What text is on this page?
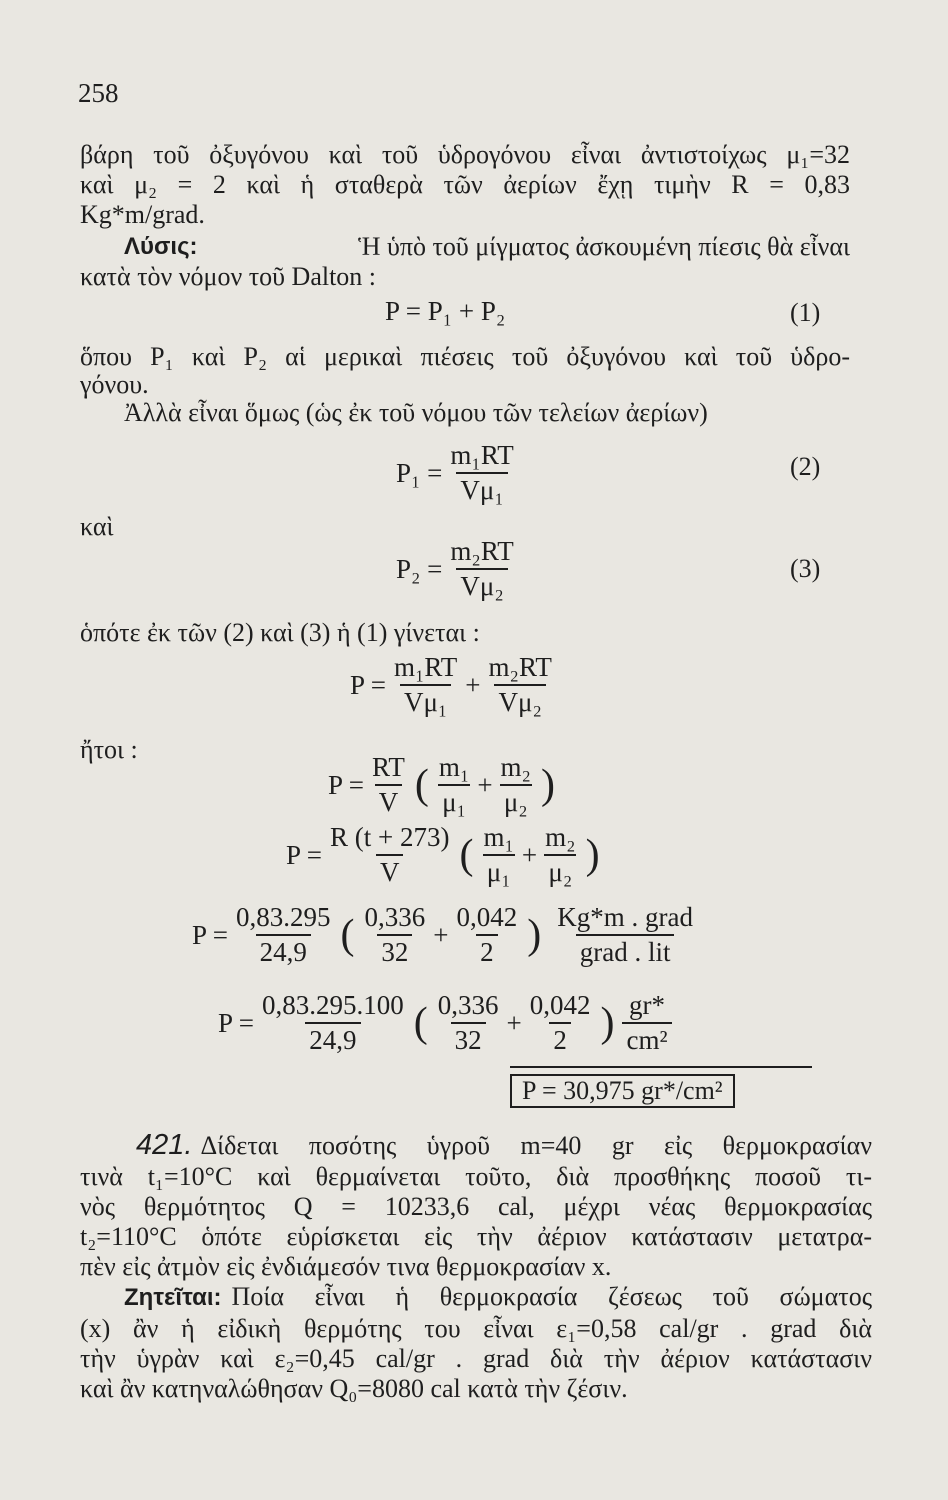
258
βάρη τοῦ ὀξυγόνου καὶ τοῦ ὑδρογόνου εἶναι ἀντιστοίχως μ₁=32
καὶ μ₂ = 2 καὶ ἡ σταθερὰ τῶν ἀερίων ἔχῃ τιμὴν R = 0,83
Kg*m/grad.
Λύσις:	Ἡ ὑπὸ τοῦ μίγματος ἀσκουμένη πίεσις θὰ εἶναι
κατὰ τὸν νόμον τοῦ Dalton :
P = P₁ + P₂	(1)
ὅπου P₁ καὶ P₂ αἱ μερικαὶ πιέσεις τοῦ ὀξυγόνου καὶ τοῦ ὑδρο-
γόνου.
Ἀλλὰ εἶναι ὅμως (ὡς ἐκ τοῦ νόμου τῶν τελείων ἀερίων)
$P_1 = \frac{\text{m₁RT}}{\text{Vμ₁}}$	(2)
καὶ
$P_2 = \frac{\text{m₂RT}}{\text{Vμ₂}}$	(3)
ὁπότε ἐκ τῶν (2) καὶ (3) ἡ (1) γίνεται :
$P = \frac{\text{m₁RT}}{\text{Vμ₁}} + \frac{\text{m₂RT}}{\text{Vμ₂}}$
ἤτοι :
$P = \frac{RT}{V}$ ( $\frac{\text{m₁}}{\text{μ₁}} + \frac{\text{m₂}}{\text{μ₂}}$ )
$P = \frac{R (t + 273)}{V}$ ( $\frac{\text{m₁}}{\text{μ₁}} + \frac{\text{m₂}}{\text{μ₂}}$ )
$P = \frac{0,83.295}{24,9}$ ( $\frac{0,336}{32} + \frac{0,042}{2}$ ) $\frac{\text{Kg*m . grad}}{\text{grad . lit}}$
$P = \frac{0,83.295.100}{24,9}$ ( $\frac{0,336}{32} + \frac{0,042}{2}$ ) $\frac{gr*}{\text{cm²}}$
P = 30,975 gr*/cm²
421. Δίδεται ποσότης ὑγροῦ m=40 gr εἰς θερμοκρασίαν
τινὰ t₁=10°C καὶ θερμαίνεται τοῦτο, διὰ προσθήκης ποσοῦ τι-
νὸς θερμότητος Q = 10233,6 cal, μέχρι νέας θερμοκρασίας
t₂=110°C ὁπότε εὑρίσκεται εἰς τὴν ἀέριον κατάστασιν μετατρα-
πὲν εἰς ἀτμὸν εἰς ἐνδιάμεσόν τινα θερμοκρασίαν x.
Ζητεῖται: Ποία εἶναι ἡ θερμοκρασία ζέσεως τοῦ σώματος
(x) ἂν ἡ εἰδικὴ θερμότης του εἶναι ε₁=0,58 cal/gr . grad διὰ
τὴν ὑγρὰν καὶ ε₂=0,45 cal/gr . grad διὰ τὴν ἀέριον κατάστασιν
καὶ ἂν κατηναλώθησαν Q₀=8080 cal κατὰ τὴν ζέσιν.
